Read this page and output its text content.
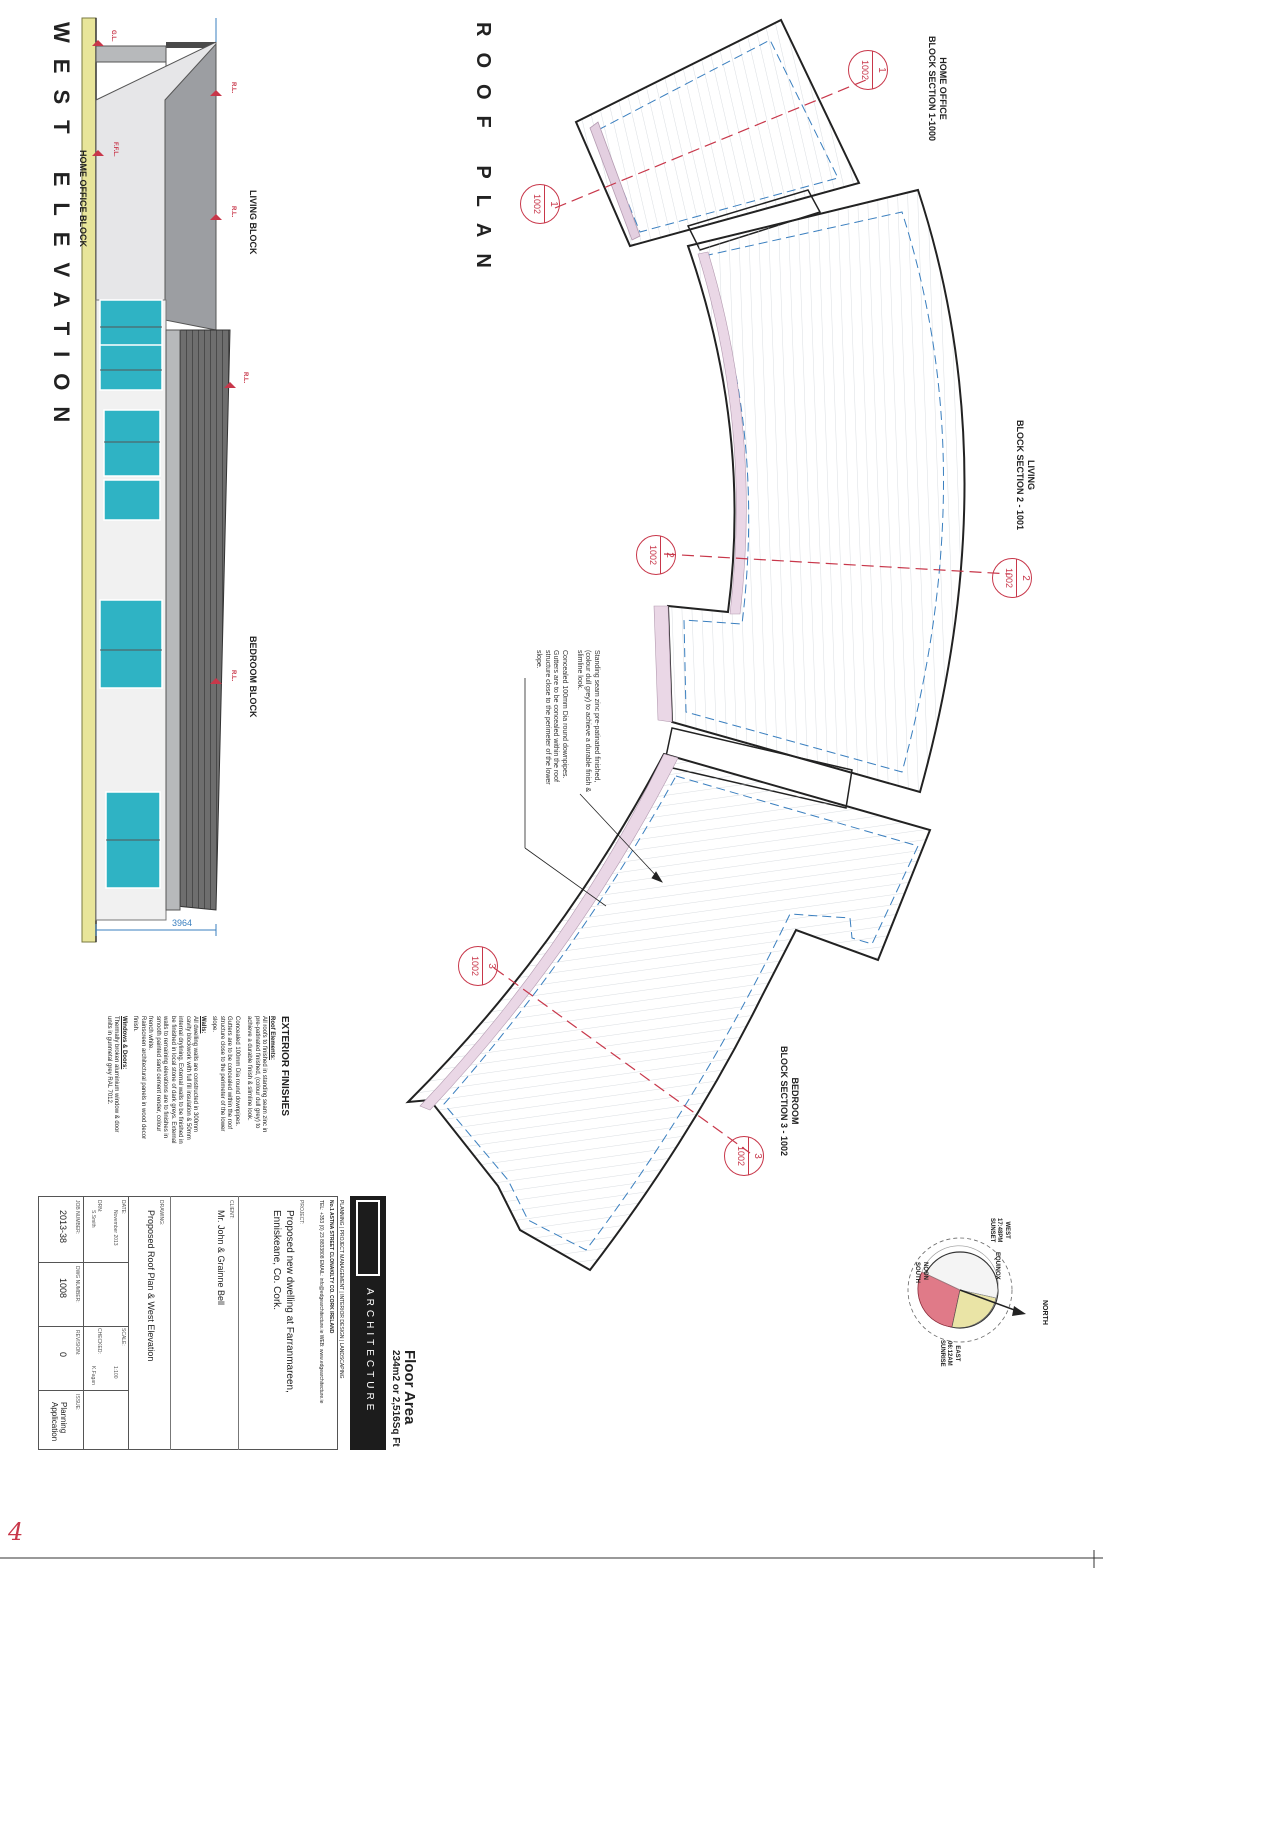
1
1002
1
1002
2
1002
2
1002
3
1002
3
1002
ROOF PLAN
WEST ELEVATION	HOME OFFICE
BLOCK SECTION 1-1000
LIVING
BLOCK SECTION 2 - 1001
BEDROOM
BLOCK SECTION 3 - 1002
Standing seam zinc pre-patinated finished,
(colour dull grey) to achieve a durable finish &
slimline look.
Concealed 100mm Dia round downpipes.
Gutters are to be concealed within the roof
structure close to the perimeter of the lower
slope.
HOME OFFICE BLOCK	LIVING BLOCK
BEDROOM BLOCK
3964
G.L.
F.F.L.
R.L.
R.L.
R.L.
R.L.
NORTH
EQUINOX
WEST
17:48PM
SUNSET
EAST
06:12AM
SUNRISE
NOON
SOUTH
Floor Area
234m2 or 2,516Sq Ft
EXTERIOR FINISHES
Roof Elements:
All roofs to finished in standing seam zinc in
pre-patinated finished, (colour dull grey) to
achieve a durable finish & slimline look.
Concealed 100mm Dia round downpipes.
Gutters are to be concealed within the roof
structure close to the perimeter of the lower
slope.
Walls:
All dwelling walls are constructed in 300mm
cavity blockwork with full fill insulation & 50mm
internal drylining. External walls to be finished in
be finished in local stone of dark greys. External
walls to remaining elevations are to finishes in
smooth painted sand cement render, colour
french white.
Rainscreen architectural panels in wood decor
finish.
Windows & Doors:
Thermally broken aluminium window & door
units in gunmetal grey RAL 7012.
ARCHITECTURE
PLANNING | PROJECT MANAGEMENT | INTERIOR DESIGN | LANDSCAPING
No.1 ASTNA STREET CLONAKILTY CO. CORK IRELAND
TEL: +353 (0) 23 8833808 EMAIL: info@edgearchitecture.ie WEB: www.edgearchitecture.ie
PROJECT:
Proposed new dwelling at Farranmareen,
Enniskeane, Co. Cork.
CLIENT:
Mr. John & Grainne Bell
DRAWING:
Proposed Roof Plan & West Elevation
DATE:
November 2013
DRN:
S.Smith
SCALE:
1:100
CHECKED:
K.Fagan
JOB NUMBER:
2013-38
DWG NUMBER:
1008
REVISION:
0
ISSUE:
Planning Application
4
